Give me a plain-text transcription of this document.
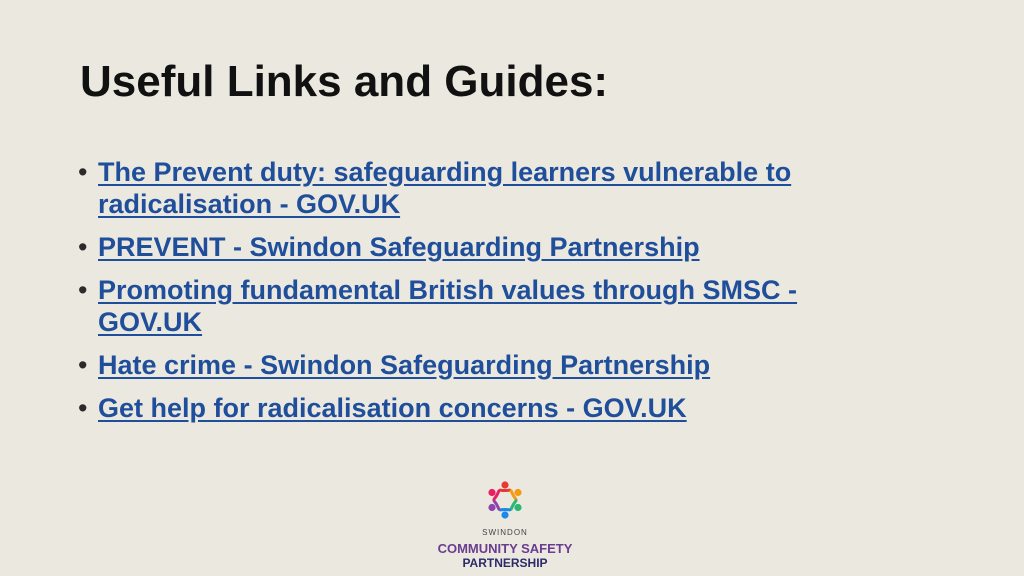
Useful Links and Guides:
• The Prevent duty: safeguarding learners vulnerable to radicalisation - GOV.UK
• PREVENT - Swindon Safeguarding Partnership
• Promoting fundamental British values through SMSC - GOV.UK
• Hate crime - Swindon Safeguarding Partnership
• Get help for radicalisation concerns - GOV.UK
SWINDON
COMMUNITY SAFETY
PARTNERSHIP
